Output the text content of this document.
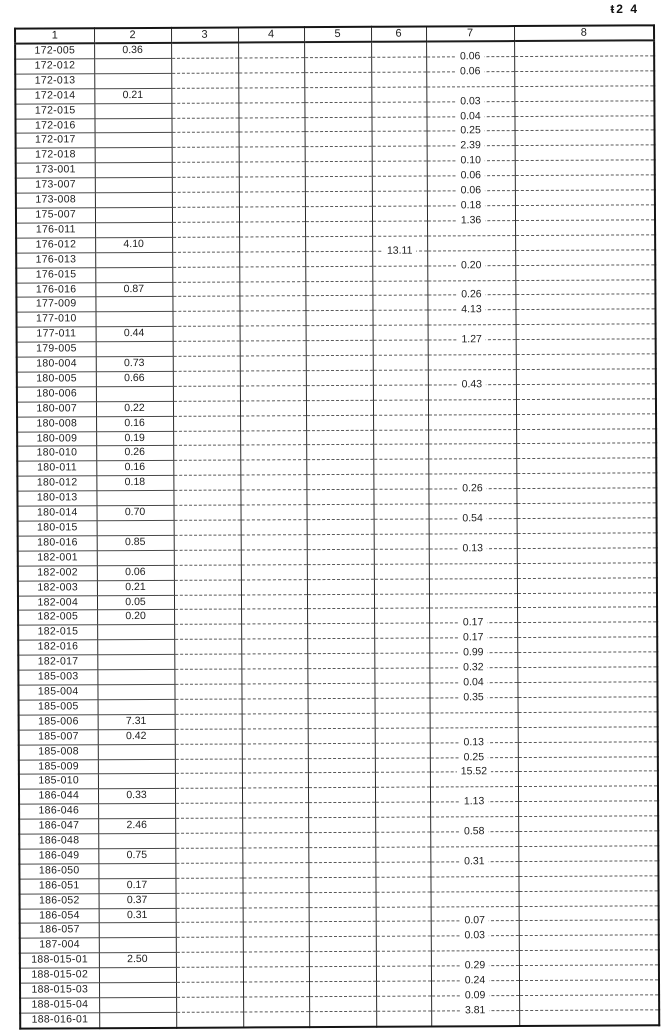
ŧ2 4
1	2	3	4	5	6	7	8
172-005	0.36						
172-012						0.06	
172-013						0.06	
172-014	0.21						
172-015						0.03	
172-016						0.04	
172-017						0.25	
172-018						2.39	
173-001						0.10	
173-007						0.06	
173-008						0.06	
175-007						0.18	
176-011						1.36	
176-012	4.10						
176-013					13.11		
176-015						0.20	
176-016	0.87						
177-009						0.26	
177-010						4.13	
177-011	0.44						
179-005						1.27	
180-004	0.73						
180-005	0.66						
180-006						0.43	
180-007	0.22						
180-008	0.16						
180-009	0.19						
180-010	0.26						
180-011	0.16						
180-012	0.18						
180-013						0.26	
180-014	0.70						
180-015						0.54	
180-016	0.85						
182-001						0.13	
182-002	0.06						
182-003	0.21						
182-004	0.05						
182-005	0.20						
182-015						0.17	
182-016						0.17	
182-017						0.99	
185-003						0.32	
185-004						0.04	
185-005						0.35	
185-006	7.31						
185-007	0.42						
185-008						0.13	
185-009						0.25	
185-010						15.52	
186-044	0.33						
186-046						1.13	
186-047	2.46						
186-048						0.58	
186-049	0.75						
186-050						0.31	
186-051	0.17						
186-052	0.37						
186-054	0.31						
186-057						0.07	
187-004						0.03	
188-015-01	2.50						
188-015-02						0.29	
188-015-03						0.24	
188-015-04						0.09	
188-016-01						3.81	
